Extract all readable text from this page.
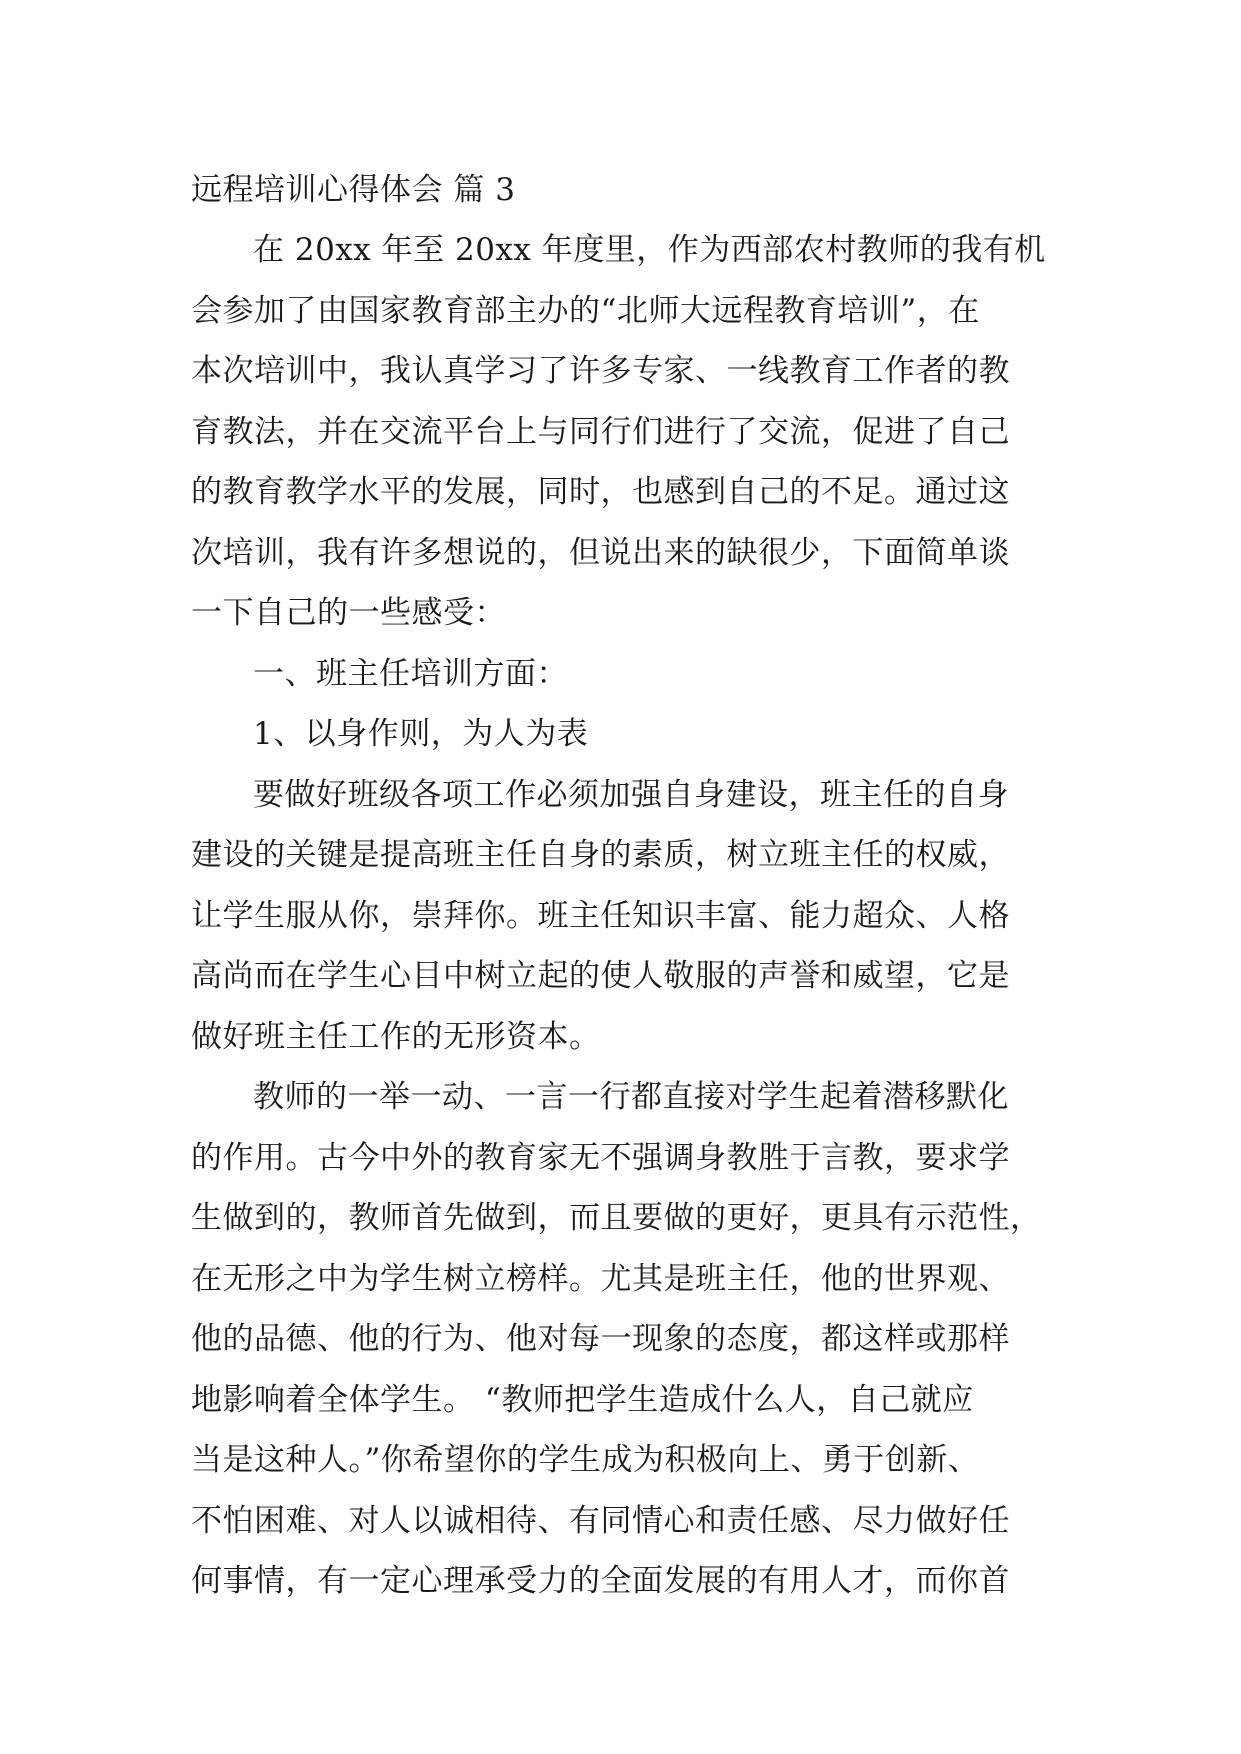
远程培训心得体会 篇 3
在 20xx 年至 20xx 年度里，作为西部农村教师的我有机
会参加了由国家教育部主办的“北师大远程教育培训”，在
本次培训中，我认真学习了许多专家、一线教育工作者的教
育教法，并在交流平台上与同行们进行了交流，促进了自己
的教育教学水平的发展，同时，也感到自己的不足。通过这
次培训，我有许多想说的，但说出来的缺很少，下面简单谈
一下自己的一些感受：
一、班主任培训方面：
1、以身作则，为人为表
要做好班级各项工作必须加强自身建设，班主任的自身
建设的关键是提高班主任自身的素质，树立班主任的权威，
让学生服从你，崇拜你。班主任知识丰富、能力超众、人格
高尚而在学生心目中树立起的使人敬服的声誉和威望，它是
做好班主任工作的无形资本。
教师的一举一动、一言一行都直接对学生起着潜移默化
的作用。古今中外的教育家无不强调身教胜于言教，要求学
生做到的，教师首先做到，而且要做的更好，更具有示范性，
在无形之中为学生树立榜样。尤其是班主任，他的世界观、
他的品德、他的行为、他对每一现象的态度，都这样或那样
地影响着全体学生。 “教师把学生造成什么人，自己就应
当是这种人。”你希望你的学生成为积极向上、勇于创新、
不怕困难、对人以诚相待、有同情心和责任感、尽力做好任
何事情，有一定心理承受力的全面发展的有用人才，而你首
